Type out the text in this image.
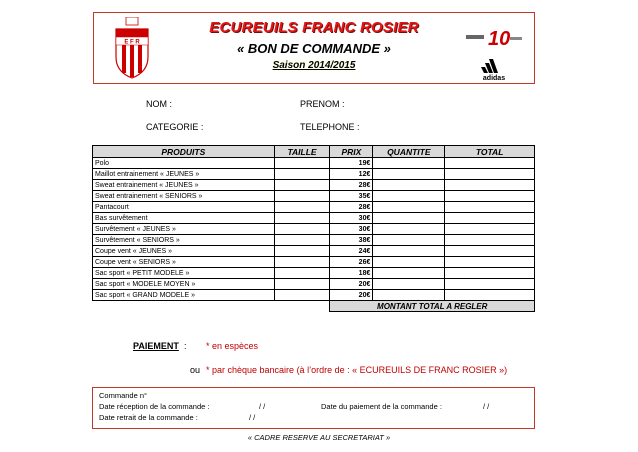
E F R
ECUREUILS FRANC ROSIER
« BON DE COMMANDE »
Saison 2014/2015
10
adidas
NOM :	PRENOM :
CATEGORIE :	TELEPHONE :
PRODUITS	TAILLE	PRIX	QUANTITE	TOTAL
Polo		19€		
Maillot entrainement « JEUNES »		12€		
Sweat entrainement « JEUNES »		28€		
Sweat entrainement « SENIORS »		35€		
Pantacourt		28€		
Bas survêtement		30€		
Survêtement « JEUNES »		30€		
Survêtement « SENIORS »		38€		
Coupe vent « JEUNES »		24€		
Coupe vent « SENIORS »		26€		
Sac sport « PETIT MODELE »		18€		
Sac sport « MODELE MOYEN »		20€		
Sac sport « GRAND MODELE »		20€		
		MONTANT TOTAL A REGLER		
PAIEMENT : * en espèces
ou * par chèque bancaire (à l’ordre de : « ECUREUILS DE FRANC ROSIER »)
Commande n°
Date réception de la commande :	/ /	Date du paiement de la commande :	/ /
Date retrait de la commande :	/ /
« CADRE RESERVE AU SECRETARIAT »
